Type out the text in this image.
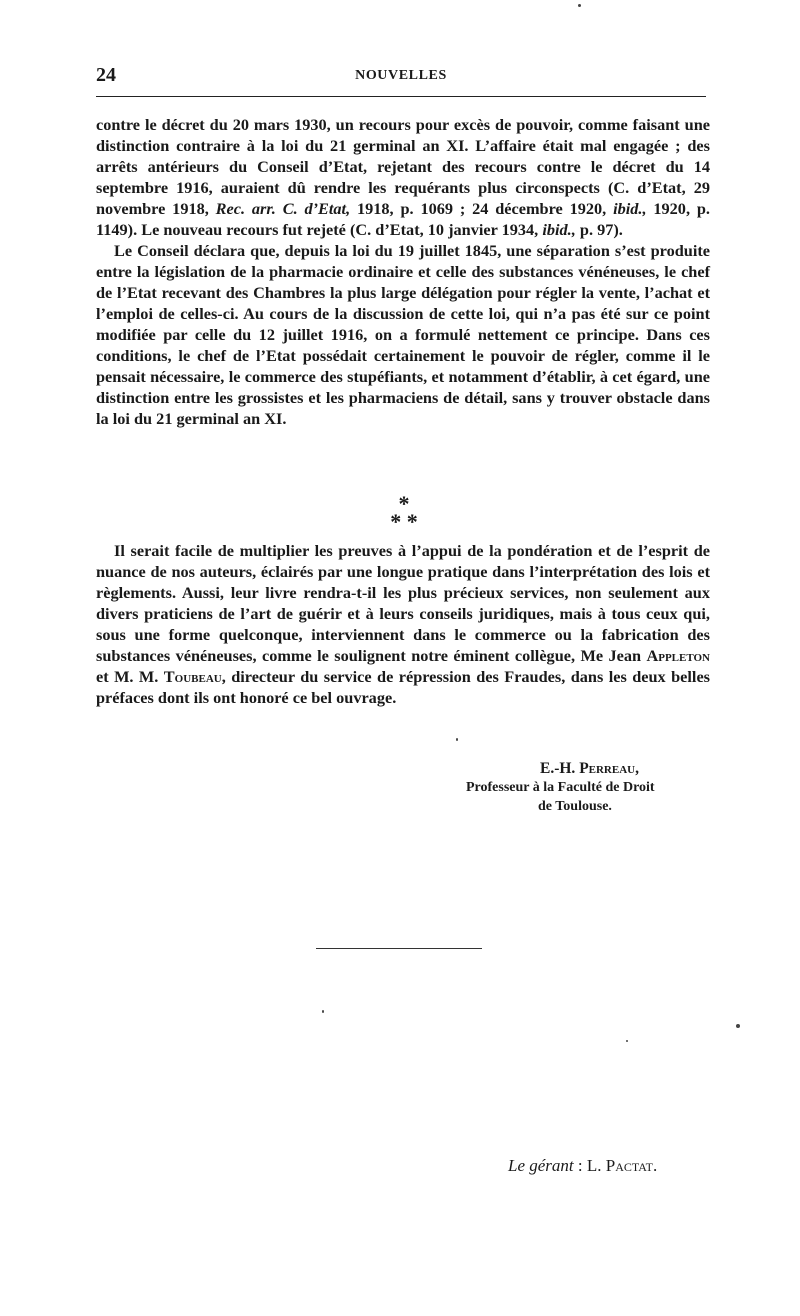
24	NOUVELLES

contre le décret du 20 mars 1930, un recours pour excès de pouvoir, comme faisant une distinction contraire à la loi du 21 germinal an XI. L’affaire était mal engagée ; des arrêts antérieurs du Conseil d’Etat, rejetant des recours contre le décret du 14 septembre 1916, auraient dû rendre les requérants plus circonspects (C. d’Etat, 29 novembre 1918, Rec. arr. C. d’Etat, 1918, p. 1069 ; 24 décembre 1920, ibid., 1920, p. 1149). Le nouveau recours fut rejeté (C. d’Etat, 10 janvier 1934, ibid., p. 97).

Le Conseil déclara que, depuis la loi du 19 juillet 1845, une séparation s’est produite entre la législation de la pharmacie ordinaire et celle des substances vénéneuses, le chef de l’Etat recevant des Chambres la plus large délégation pour régler la vente, l’achat et l’emploi de celles-ci. Au cours de la discussion de cette loi, qui n’a pas été sur ce point modifiée par celle du 12 juillet 1916, on a formulé nettement ce principe. Dans ces conditions, le chef de l’Etat possédait certainement le pouvoir de régler, comme il le pensait nécessaire, le commerce des stupéfiants, et notamment d’établir, à cet égard, une distinction entre les grossistes et les pharmaciens de détail, sans y trouver obstacle dans la loi du 21 germinal an XI.

*
* *

Il serait facile de multiplier les preuves à l’appui de la pondération et de l’esprit de nuance de nos auteurs, éclairés par une longue pratique dans l’interprétation des lois et règlements. Aussi, leur livre rendra-t-il les plus précieux services, non seulement aux divers praticiens de l’art de guérir et à leurs conseils juridiques, mais à tous ceux qui, sous une forme quelconque, interviennent dans le commerce ou la fabrication des substances vénéneuses, comme le soulignent notre éminent collègue, Me Jean Appleton et M. M. Toubeau, directeur du service de répression des Fraudes, dans les deux belles préfaces dont ils ont honoré ce bel ouvrage.

E.-H. Perreau,
Professeur à la Faculté de Droit
de Toulouse.
Le gérant : L. Pactat.
